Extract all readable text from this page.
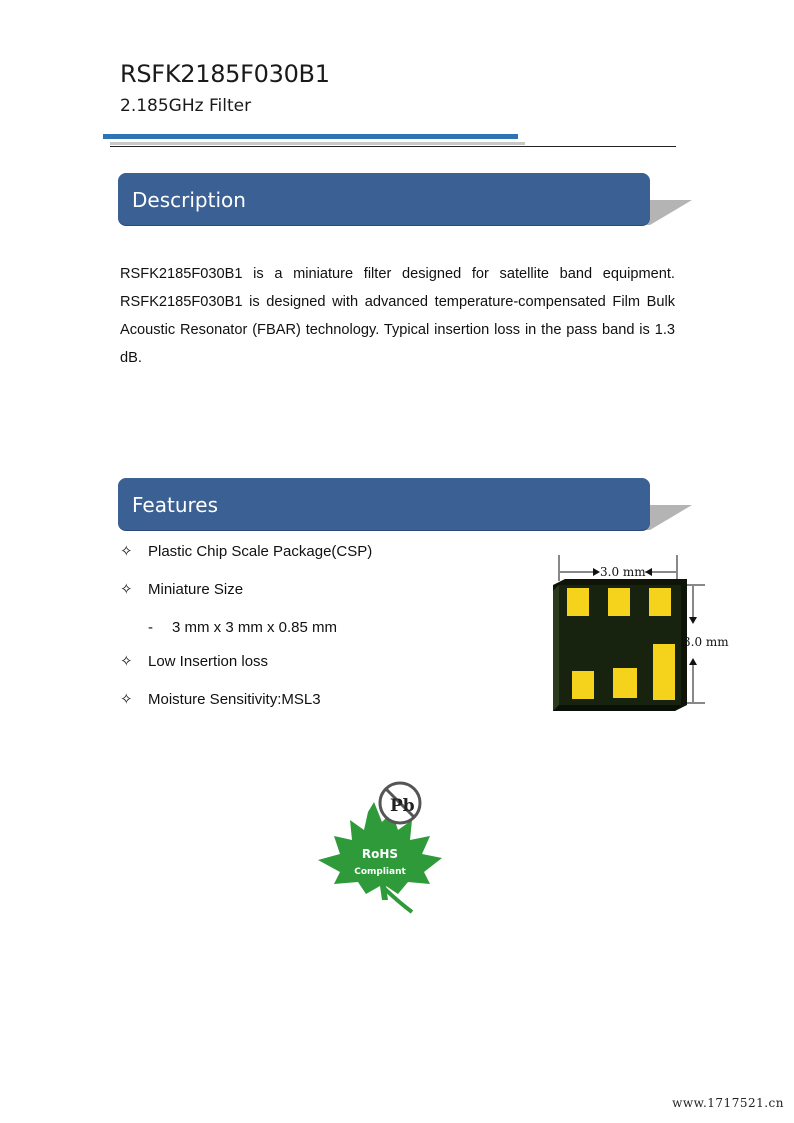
RSFK2185F030B1
2.185GHz Filter
Description
RSFK2185F030B1 is a miniature filter designed for satellite band equipment. RSFK2185F030B1 is designed with advanced temperature-compensated Film Bulk Acoustic Resonator (FBAR) technology. Typical insertion loss in the pass band is 1.3 dB.
Features
✧ Plastic Chip Scale Package(CSP)
✧ Miniature Size
- 3 mm x 3 mm x 0.85 mm
✧ Low Insertion loss
✧ Moisture Sensitivity:MSL3
3.0 mm
3.0 mm
Pb
RoHS
Compliant
www.1717521.cn
